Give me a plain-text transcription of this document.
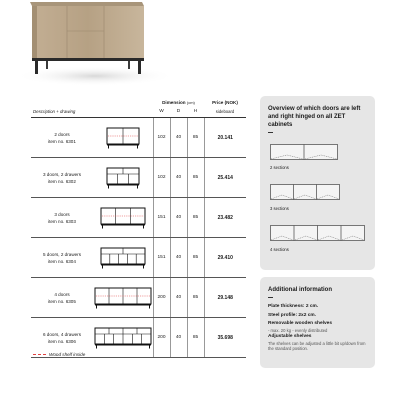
		Dimension (cm)			Price (NOK)
Description + drawing		W	D	H	sideboard
2 doors
item no. 6301		102	40	85	20.141
3 doors, 2 drawers
item no. 6302		102	40	85	25.414
3 doors
item no. 6303		151	40	85	23.482
5 doors, 2 drawers
item no. 6304		151	40	85	29.410
4 doors
item no. 6305		200	40	85	29.148
6 doors, 4 drawers
item no. 6306		200	40	85	35.698
Wood shelf inside
Overview of which doors are left and right hinged on all ZET cabinets
2 sections
3 sections
4 sections
Additional information
Plate thickness: 2 cm.
Steel profile: 2x2 cm.
Removable wooden shelves
- max. 20 kg - evenly distributed
Adjustable shelves
The shelves can be adjusted a little bit up/down from the standard position.
